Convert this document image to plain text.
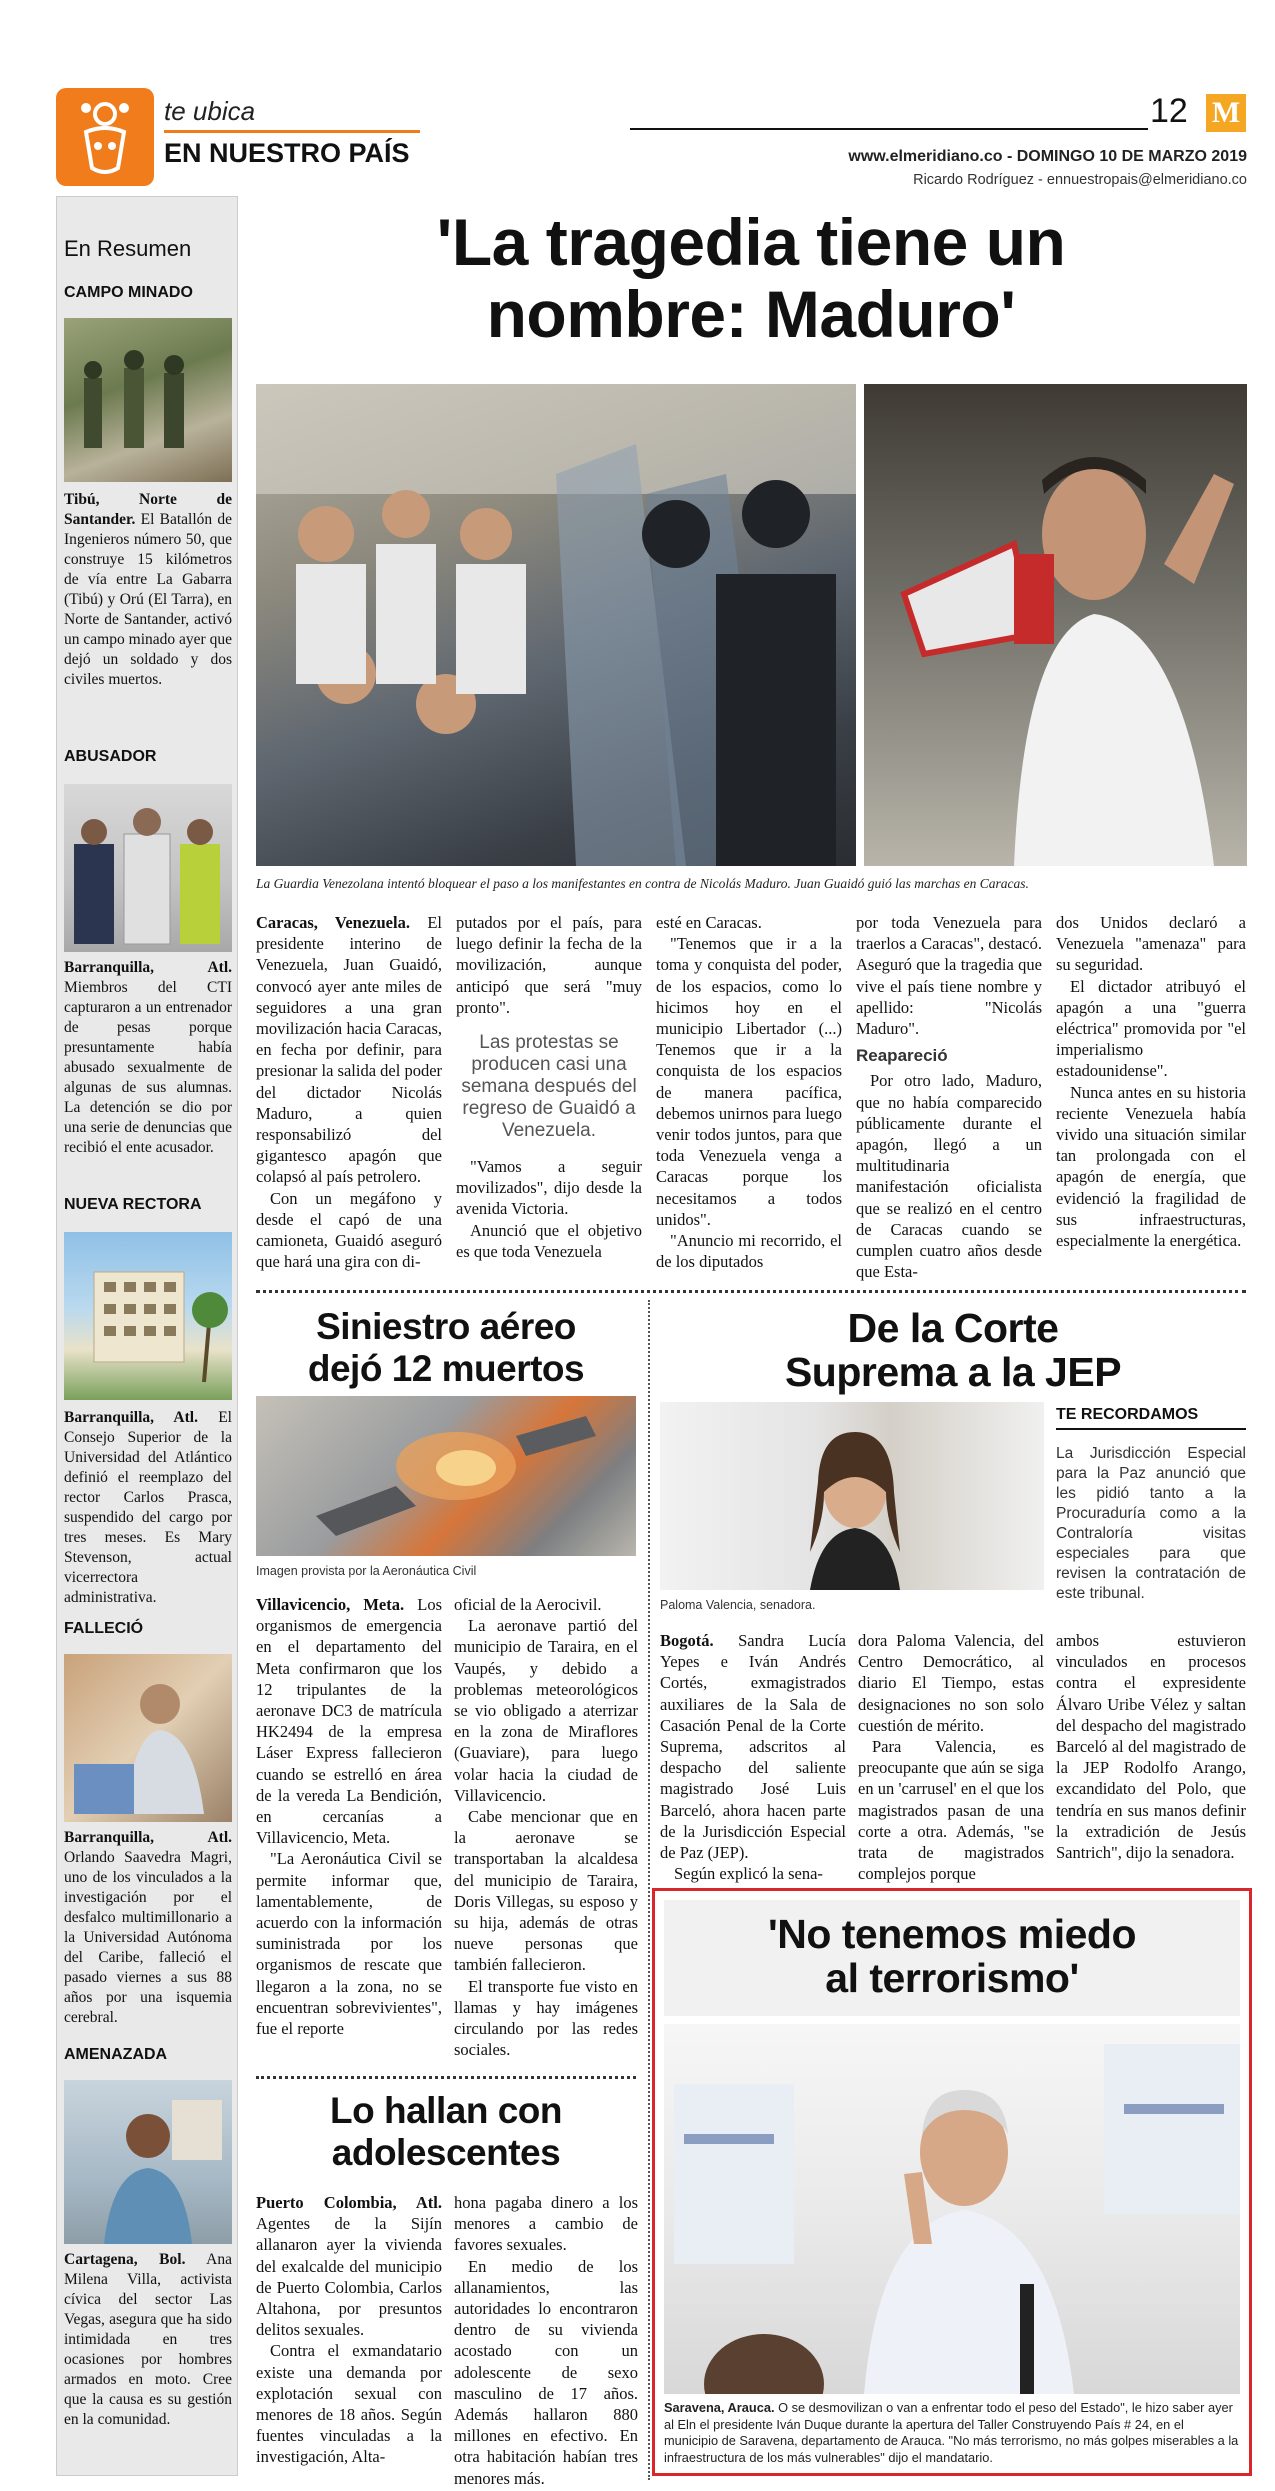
te ubica
EN NUESTRO PAÍS
12 M
www.elmeridiano.co - DOMINGO 10 DE MARZO 2019
Ricardo Rodríguez - ennuestropais@elmeridiano.co
En Resumen
CAMPO MINADO
Tibú, Norte de Santander. El Batallón de Ingenieros número 50, que construye 15 kilómetros de vía entre La Gabarra (Tibú) y Orú (El Tarra), en Norte de Santander, activó un campo minado ayer que dejó un soldado y dos civiles muertos.
ABUSADOR
Barranquilla, Atl. Miembros del CTI capturaron a un entrenador de pesas porque presuntamente había abusado sexualmente de algunas de sus alumnas. La detención se dio por una serie de denuncias que recibió el ente acusador.
NUEVA RECTORA
Barranquilla, Atl. El Consejo Superior de la Universidad del Atlántico definió el reemplazo del rector Carlos Prasca, suspendido del cargo por tres meses. Es Mary Stevenson, actual vicerrectora administrativa.
FALLECIÓ
Barranquilla, Atl. Orlando Saavedra Magri, uno de los vinculados a la investigación por el desfalco multimillonario a la Universidad Autónoma del Caribe, falleció el pasado viernes a sus 88 años por una isquemia cerebral.
AMENAZADA
Cartagena, Bol. Ana Milena Villa, activista cívica del sector Las Vegas, asegura que ha sido intimidada en tres ocasiones por hombres armados en moto. Cree que la causa es su gestión en la comunidad.
'La tragedia tiene un
nombre: Maduro'
La Guardia Venezolana intentó bloquear el paso a los manifestantes en contra de Nicolás Maduro. Juan Guaidó guió las marchas en Caracas.

Caracas, Venezuela. El presidente interino de Venezuela, Juan Guaidó, convocó ayer ante miles de seguidores a una gran movilización hacia Caracas, en fecha por definir, para presionar la salida del poder del dictador Nicolás Maduro, a quien responsabilizó del gigantesco apagón que colapsó al país petrolero.

Con un megáfono y desde el capó de una camioneta, Guaidó aseguró que hará una gira con di-

putados por el país, para luego definir la fecha de la movilización, aunque anticipó que será "muy pronto".

Las protestas se producen casi una semana después del regreso de Guaidó a Venezuela.

"Vamos a seguir movilizados", dijo desde la avenida Victoria.

Anunció que el objetivo es que toda Venezuela

esté en Caracas.

"Tenemos que ir a la toma y conquista del poder, de los espacios, como lo hicimos hoy en el municipio Libertador (...) Tenemos que ir a la conquista de los espacios de manera pacífica, debemos unirnos para luego venir todos juntos, para que toda Venezuela venga a Caracas porque los necesitamos a todos unidos".

"Anuncio mi recorrido, el de los diputados

por toda Venezuela para traerlos a Caracas", destacó. Aseguró que la tragedia que vive el país tiene nombre y apellido: "Nicolás Maduro".

Reapareció

Por otro lado, Maduro, que no había comparecido públicamente durante el apagón, llegó a un multitudinaria manifestación oficialista que se realizó en el centro de Caracas cuando se cumplen cuatro años desde que Esta-

dos Unidos declaró a Venezuela "amenaza" para su seguridad.

El dictador atribuyó el apagón a una "guerra eléctrica" promovida por "el imperialismo estadounidense".

Nunca antes en su historia reciente Venezuela había vivido una situación similar tan prolongada con el apagón de energía, que evidenció la fragilidad de sus infraestructuras, especialmente la energética.

Siniestro aéreo
dejó 12 muertos
Imagen provista por la Aeronáutica Civil

Villavicencio, Meta. Los organismos de emergencia en el departamento del Meta confirmaron que los 12 tripulantes de la aeronave DC3 de matrícula HK2494 de la empresa Láser Express fallecieron cuando se estrelló en área de la vereda La Bendición, en cercanías a Villavicencio, Meta.

"La Aeronáutica Civil se permite informar que, lamentablemente, de acuerdo con la información suministrada por los organismos de rescate que llegaron a la zona, no se encuentran sobrevivientes", fue el reporte

oficial de la Aerocivil.

La aeronave partió del municipio de Taraira, en el Vaupés, y debido a problemas meteorológicos se vio obligado a aterrizar en la zona de Miraflores (Guaviare), para luego volar hacia la ciudad de Villavicencio.

Cabe mencionar que en la aeronave se transportaban la alcaldesa del municipio de Taraira, Doris Villegas, su esposo y su hija, además de otras nueve personas que también fallecieron.

El transporte fue visto en llamas y hay imágenes circulando por las redes sociales.

Lo hallan con
adolescentes

Puerto Colombia, Atl. Agentes de la Sijín allanaron ayer la vivienda del exalcalde del municipio de Puerto Colombia, Carlos Altahona, por presuntos delitos sexuales.

Contra el exmandatario existe una demanda por explotación sexual con menores de 18 años. Según fuentes vinculadas a la investigación, Alta-

hona pagaba dinero a los menores a cambio de favores sexuales.

En medio de los allanamientos, las autoridades lo encontraron dentro de su vivienda acostado con un adolescente de sexo masculino de 17 años. Además hallaron 880 millones en efectivo. En otra habitación habían tres menores más.

De la Corte
Suprema a la JEP
Paloma Valencia, senadora.
TE RECORDAMOS
La Jurisdicción Especial para la Paz anunció que les pidió tanto a la Procuraduría como a la Contraloría visitas especiales para que revisen la contratación de este tribunal.

Bogotá. Sandra Lucía Yepes e Iván Andrés Cortés, exmagistrados auxiliares de la Sala de Casación Penal de la Corte Suprema, adscritos al despacho del saliente magistrado José Luis Barceló, ahora hacen parte de la Jurisdicción Especial de Paz (JEP).

Según explicó la sena-

dora Paloma Valencia, del Centro Democrático, al diario El Tiempo, estas designaciones no son solo cuestión de mérito.

Para Valencia, es preocupante que aún se siga en un 'carrusel' en el que los magistrados pasan de una corte a otra. Además, "se trata de magistrados complejos porque

ambos estuvieron vinculados en procesos contra el expresidente Álvaro Uribe Vélez y saltan del despacho del magistrado Barceló al del magistrado de la JEP Rodolfo Arango, excandidato del Polo, que tendría en sus manos definir la extradición de Jesús Santrich", dijo la senadora.

'No tenemos miedo
al terrorismo'
Saravena, Arauca. O se desmovilizan o van a enfrentar todo el peso del Estado", le hizo saber ayer al Eln el presidente Iván Duque durante la apertura del Taller Construyendo País # 24, en el municipio de Saravena, departamento de Arauca. "No más terrorismo, no más golpes miserables a la infraestructura de los más vulnerables" dijo el mandatario.
